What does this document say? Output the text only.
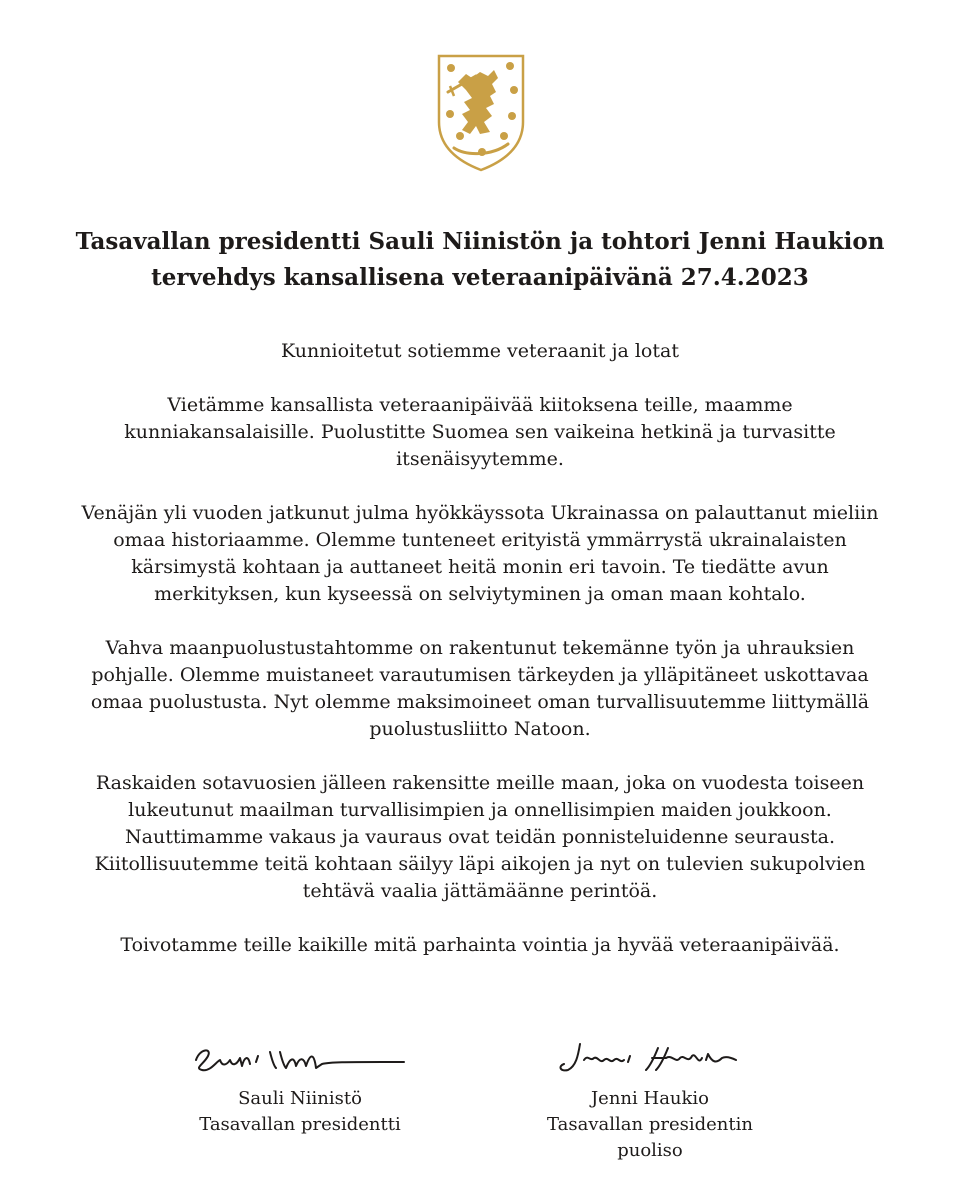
Tasavallan presidentti Sauli Niinistön ja tohtori Jenni Haukion
tervehdys kansallisena veteraanipäivänä 27.4.2023

Kunnioitetut sotiemme veteraanit ja lotat

Vietämme kansallista veteraanipäivää kiitoksena teille, maamme kunniakansalaisille. Puolustitte Suomea sen vaikeina hetkinä ja turvasitte itsenäisyytemme.

Venäjän yli vuoden jatkunut julma hyökkäyssota Ukrainassa on palauttanut mieliin omaa historiaamme. Olemme tunteneet erityistä ymmärrystä ukrainalaisten kärsimystä kohtaan ja auttaneet heitä monin eri tavoin. Te tiedätte avun merkityksen, kun kyseessä on selviytyminen ja oman maan kohtalo.

Vahva maanpuolustustahtomme on rakentunut tekemänne työn ja uhrauksien pohjalle. Olemme muistaneet varautumisen tärkeyden ja ylläpitäneet uskottavaa omaa puolustusta. Nyt olemme maksimoineet oman turvallisuutemme liittymällä puolustusliitto Natoon.

Raskaiden sotavuosien jälleen rakensitte meille maan, joka on vuodesta toiseen lukeutunut maailman turvallisimpien ja onnellisimpien maiden joukkoon. Nauttimamme vakaus ja vauraus ovat teidän ponnisteluidenne seurausta. Kiitollisuutemme teitä kohtaan säilyy läpi aikojen ja nyt on tulevien sukupolvien tehtävä vaalia jättämäänne perintöä.

Toivotamme teille kaikille mitä parhainta vointia ja hyvää veteraanipäivää.

Sauli Niinistö
Tasavallan presidentti
Jenni Haukio
Tasavallan presidentin puoliso
